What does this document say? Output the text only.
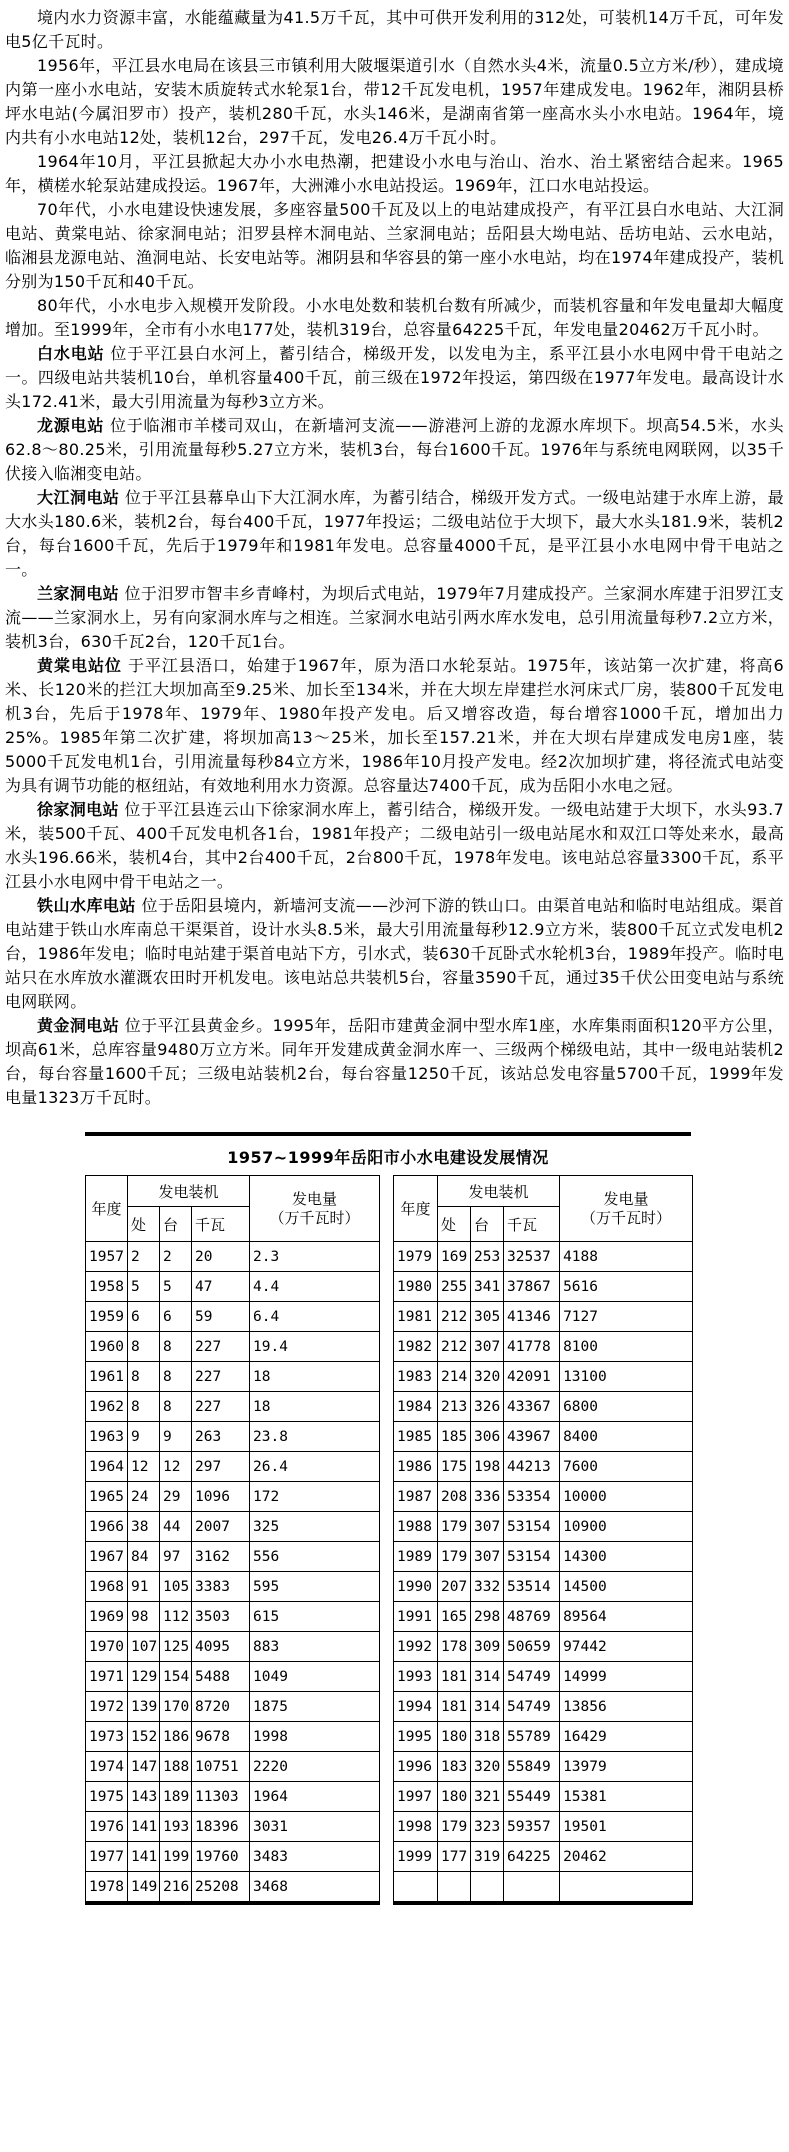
境内水力资源丰富，水能蕴藏量为41.5万千瓦，其中可供开发利用的312处，可装机14万千瓦，可年发电5亿千瓦时。

1956年，平江县水电局在该县三市镇利用大陂堰渠道引水（自然水头4米，流量0.5立方米/秒），建成境内第一座小水电站，安装木质旋转式水轮泵1台，带12千瓦发电机，1957年建成发电。1962年，湘阴县桥坪水电站(今属汨罗市）投产，装机280千瓦，水头146米，是湖南省第一座高水头小水电站。1964年，境内共有小水电站12处，装机12台，297千瓦，发电26.4万千瓦小时。

1964年10月，平江县掀起大办小水电热潮，把建设小水电与治山、治水、治土紧密结合起来。1965年，横槎水轮泵站建成投运。1967年，大洲滩小水电站投运。1969年，江口水电站投运。

70年代，小水电建设快速发展，多座容量500千瓦及以上的电站建成投产，有平江县白水电站、大江洞电站、黄棠电站、徐家洞电站；汨罗县梓木洞电站、兰家洞电站；岳阳县大坳电站、岳坊电站、云水电站，临湘县龙源电站、渔洞电站、长安电站等。湘阴县和华容县的第一座小水电站，均在1974年建成投产，装机分别为150千瓦和40千瓦。

80年代，小水电步入规模开发阶段。小水电处数和装机台数有所减少，而装机容量和年发电量却大幅度增加。至1999年，全市有小水电177处，装机319台，总容量64225千瓦，年发电量20462万千瓦小时。

白水电站 位于平江县白水河上，蓄引结合，梯级开发，以发电为主，系平江县小水电网中骨干电站之一。四级电站共装机10台，单机容量400千瓦，前三级在1972年投运，第四级在1977年发电。最高设计水头172.41米，最大引用流量为每秒3立方米。

龙源电站 位于临湘市羊楼司双山，在新墙河支流——游港河上游的龙源水库坝下。坝高54.5米，水头62.8～80.25米，引用流量每秒5.27立方米，装机3台，每台1600千瓦。1976年与系统电网联网，以35千伏接入临湘变电站。

大江洞电站 位于平江县幕阜山下大江洞水库，为蓄引结合，梯级开发方式。一级电站建于水库上游，最大水头180.6米，装机2台，每台400千瓦，1977年投运；二级电站位于大坝下，最大水头181.9米，装机2台，每台1600千瓦，先后于1979年和1981年发电。总容量4000千瓦，是平江县小水电网中骨干电站之一。

兰家洞电站 位于汨罗市智丰乡青峰村，为坝后式电站，1979年7月建成投产。兰家洞水库建于汨罗江支流——兰家洞水上，另有向家洞水库与之相连。兰家洞水电站引两水库水发电，总引用流量每秒7.2立方米，装机3台，630千瓦2台，120千瓦1台。

黄棠电站位 于平江县浯口，始建于1967年，原为浯口水轮泵站。1975年，该站第一次扩建，将高6米、长120米的拦江大坝加高至9.25米、加长至134米，并在大坝左岸建拦水河床式厂房，装800千瓦发电机3台，先后于1978年、1979年、1980年投产发电。后又增容改造，每台增容1000千瓦，增加出力25%。1985年第二次扩建，将坝加高13～25米，加长至157.21米，并在大坝右岸建成发电房1座，装5000千瓦发电机1台，引用流量每秒84立方米，1986年10月投产发电。经2次加坝扩建，将径流式电站变为具有调节功能的枢纽站，有效地利用水力资源。总容量达7400千瓦，成为岳阳小水电之冠。

徐家洞电站 位于平江县连云山下徐家洞水库上，蓄引结合，梯级开发。一级电站建于大坝下，水头93.7米，装500千瓦、400千瓦发电机各1台，1981年投产；二级电站引一级电站尾水和双江口等处来水，最高水头196.66米，装机4台，其中2台400千瓦，2台800千瓦，1978年发电。该电站总容量3300千瓦，系平江县小水电网中骨干电站之一。

铁山水库电站 位于岳阳县境内，新墙河支流——沙河下游的铁山口。由渠首电站和临时电站组成。渠首电站建于铁山水库南总干渠渠首，设计水头8.5米，最大引用流量每秒12.9立方米，装800千瓦立式发电机2台，1986年发电；临时电站建于渠首电站下方，引水式，装630千瓦卧式水轮机3台，1989年投产。临时电站只在水库放水灌溉农田时开机发电。该电站总共装机5台，容量3590千瓦，通过35千伏公田变电站与系统电网联网。

黄金洞电站 位于平江县黄金乡。1995年，岳阳市建黄金洞中型水库1座，水库集雨面积120平方公里，坝高61米，总库容量9480万立方米。同年开发建成黄金洞水库一、三级两个梯级电站，其中一级电站装机2台，每台容量1600千瓦；三级电站装机2台，每台容量1250千瓦，该站总发电容量5700千瓦，1999年发电量1323万千瓦时。

1957~1999年岳阳市小水电建设发展情况
年度	发电装机			发电量
（万千瓦时）

	处	台	千瓦	
1957	2	2	20	2.3
1958	5	5	47	4.4
1959	6	6	59	6.4
1960	8	8	227	19.4
1961	8	8	227	18
1962	8	8	227	18
1963	9	9	263	23.8
1964	12	12	297	26.4
1965	24	29	1096	172
1966	38	44	2007	325
1967	84	97	3162	556
1968	91	105	3383	595
1969	98	112	3503	615
1970	107	125	4095	883
1971	129	154	5488	1049
1972	139	170	8720	1875
1973	152	186	9678	1998
1974	147	188	10751	2220
1975	143	189	11303	1964
1976	141	193	18396	3031
1977	141	199	19760	3483
1978	149	216	25208	3468
年度	发电装机			发电量
（万千瓦时）

	处	台	千瓦	
1979	169	253	32537	4188
1980	255	341	37867	5616
1981	212	305	41346	7127
1982	212	307	41778	8100
1983	214	320	42091	13100
1984	213	326	43367	6800
1985	185	306	43967	8400
1986	175	198	44213	7600
1987	208	336	53354	10000
1988	179	307	53154	10900
1989	179	307	53154	14300
1990	207	332	53514	14500
1991	165	298	48769	89564
1992	178	309	50659	97442
1993	181	314	54749	14999
1994	181	314	54749	13856
1995	180	318	55789	16429
1996	183	320	55849	13979
1997	180	321	55449	15381
1998	179	323	59357	19501
1999	177	319	64225	20462
